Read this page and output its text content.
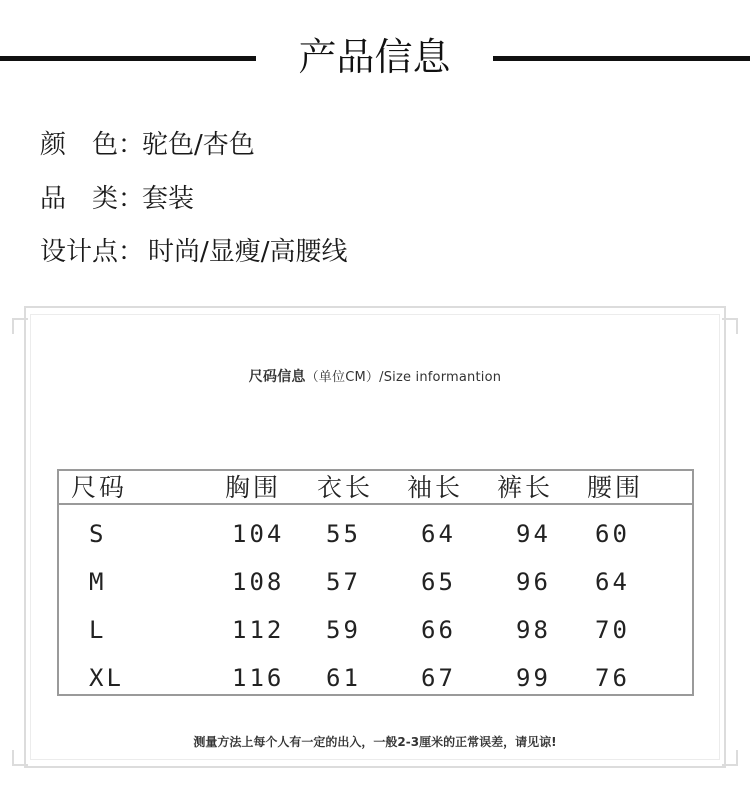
产品信息
颜　色：驼色/杏色
品　类：套装
设计点： 时尚/显瘦/高腰线
尺码信息（单位CM）/Size informantion
尺码	胸围 衣长 袖长 裤长 腰围
S	104 55	64	94 60
M	108 57	65	96 64
L	112 59	66	98 70
XL	116 61	67	99 76
测量方法上每个人有一定的出入，一般2-3厘米的正常误差，请见谅!
